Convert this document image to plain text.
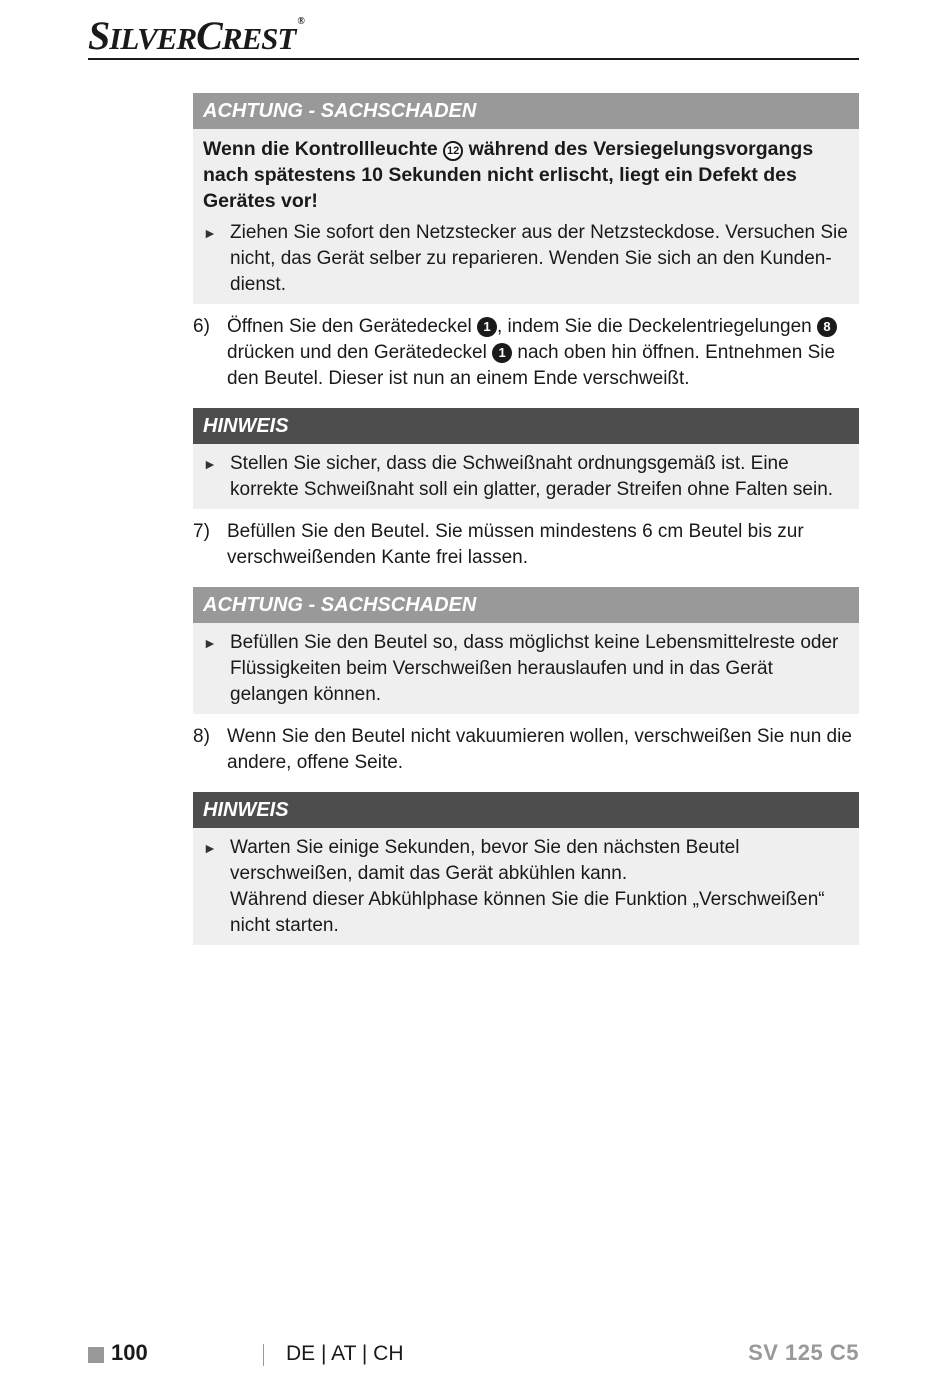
SILVERCREST ®
ACHTUNG - SACHSCHADEN

Wenn die Kontrollleuchte 12 während des Versiegelungsvorgangs nach spätestens 10 Sekunden nicht erlischt, liegt ein Defekt des Gerätes vor!

► Ziehen Sie sofort den Netzstecker aus der Netzsteckdose. Versuchen Sie nicht, das Gerät selber zu reparieren. Wenden Sie sich an den Kundendienst.
6) Öffnen Sie den Gerätedeckel 1 , indem Sie die Deckelentriegelungen 8 drücken und den Gerätedeckel 1 nach oben hin öffnen. Entnehmen Sie den Beutel. Dieser ist nun an einem Ende verschweißt.
HINWEIS
► Stellen Sie sicher, dass die Schweißnaht ordnungsgemäß ist. Eine korrekte Schweißnaht soll ein glatter, gerader Streifen ohne Falten sein.
7) Befüllen Sie den Beutel. Sie müssen mindestens 6 cm Beutel bis zur verschweißenden Kante frei lassen.
ACHTUNG - SACHSCHADEN
► Befüllen Sie den Beutel so, dass möglichst keine Lebensmittelreste oder Flüssigkeiten beim Verschweißen herauslaufen und in das Gerät gelangen können.
8) Wenn Sie den Beutel nicht vakuumieren wollen, verschweißen Sie nun die andere, offene Seite.
HINWEIS
► Warten Sie einige Sekunden, bevor Sie den nächsten Beutel verschweißen, damit das Gerät abkühlen kann.
Während dieser Abkühlphase können Sie die Funktion „Verschweißen“ nicht starten.
100	DE | AT | CH	SV 125 C5
